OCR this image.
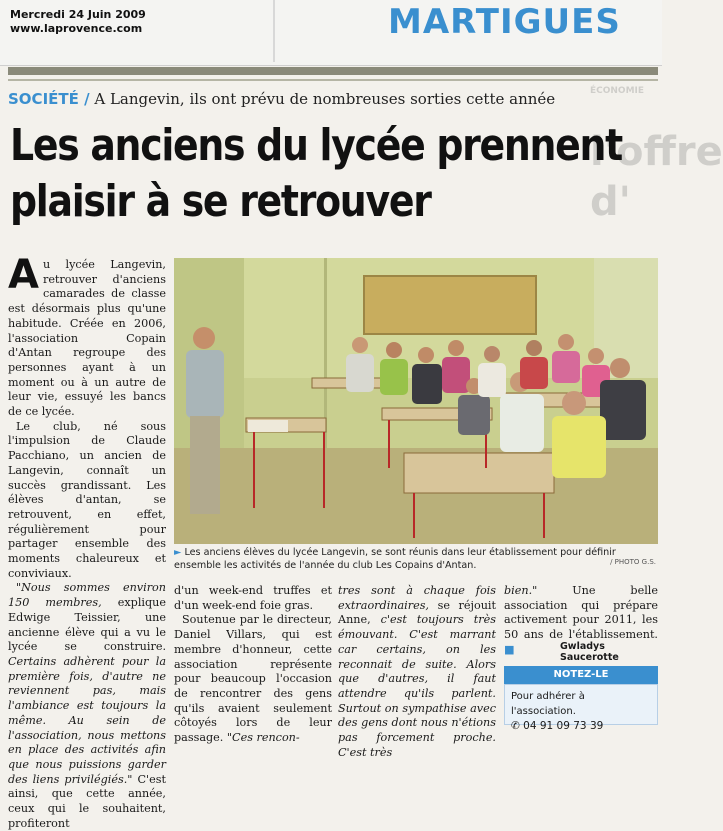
Mercredi 24 Juin 2009
www.laprovence.com	MARTIGUES
ÉCONOMIE
l'offre d'
SOCIÉTÉ / A Langevin, ils ont prévu de nombreuses sorties cette année
Les anciens du lycée prennent
plaisir à se retrouver

Au lycée Langevin, retrouver d'anciens camarades de classe est désormais plus qu'une habitude. Créée en 2006, l'association Copain d'Antan regroupe des personnes ayant à un moment ou à un autre de leur vie, essuyé les bancs de ce lycée.

Le club, né sous l'impulsion de Claude Pacchiano, un ancien de Langevin, connaît un succès grandissant. Les élèves d'antan, se retrouvent, en effet, régulièrement pour partager ensemble des moments chaleureux et conviviaux.

"Nous sommes environ 150 membres, explique Edwige Teissier, une ancienne élève qui a vu le lycée se construire. Certains adhèrent pour la première fois, d'autre ne reviennent pas, mais l'ambiance est toujours la même. Au sein de l'association, nous mettons en place des activités afin que nous puissions garder des liens privilégiés." C'est ainsi, que cette année, ceux qui le souhaitent, profiteront

► Les anciens élèves du lycée Langevin, se sont réunis dans leur établissement pour définir ensemble les activités de l'année du club Les Copains d'Antan.	/ PHOTO G.S.

d'un week-end truffes et d'un week-end foie gras.

Soutenue par le directeur, Daniel Villars, qui est membre d'honneur, cette association représente pour beaucoup l'occasion de rencontrer des gens qu'ils avaient seulement côtoyés lors de leur passage. "Ces rencon-

tres sont à chaque fois extraordinaires, se réjouit Anne, c'est toujours très émouvant. C'est marrant car certains, on les reconnait de suite. Alors que d'autres, il faut attendre qu'ils parlent. Surtout on sympathise avec des gens dont nous n'étions pas forcement proche. C'est très

bien." Une belle association qui prépare activement pour 2011, les 50 ans de l'établissement. ■	Gwladys Saucerotte
NOTEZ-LE
Pour adhérer à l'association.
✆ 04 91 09 73 39
